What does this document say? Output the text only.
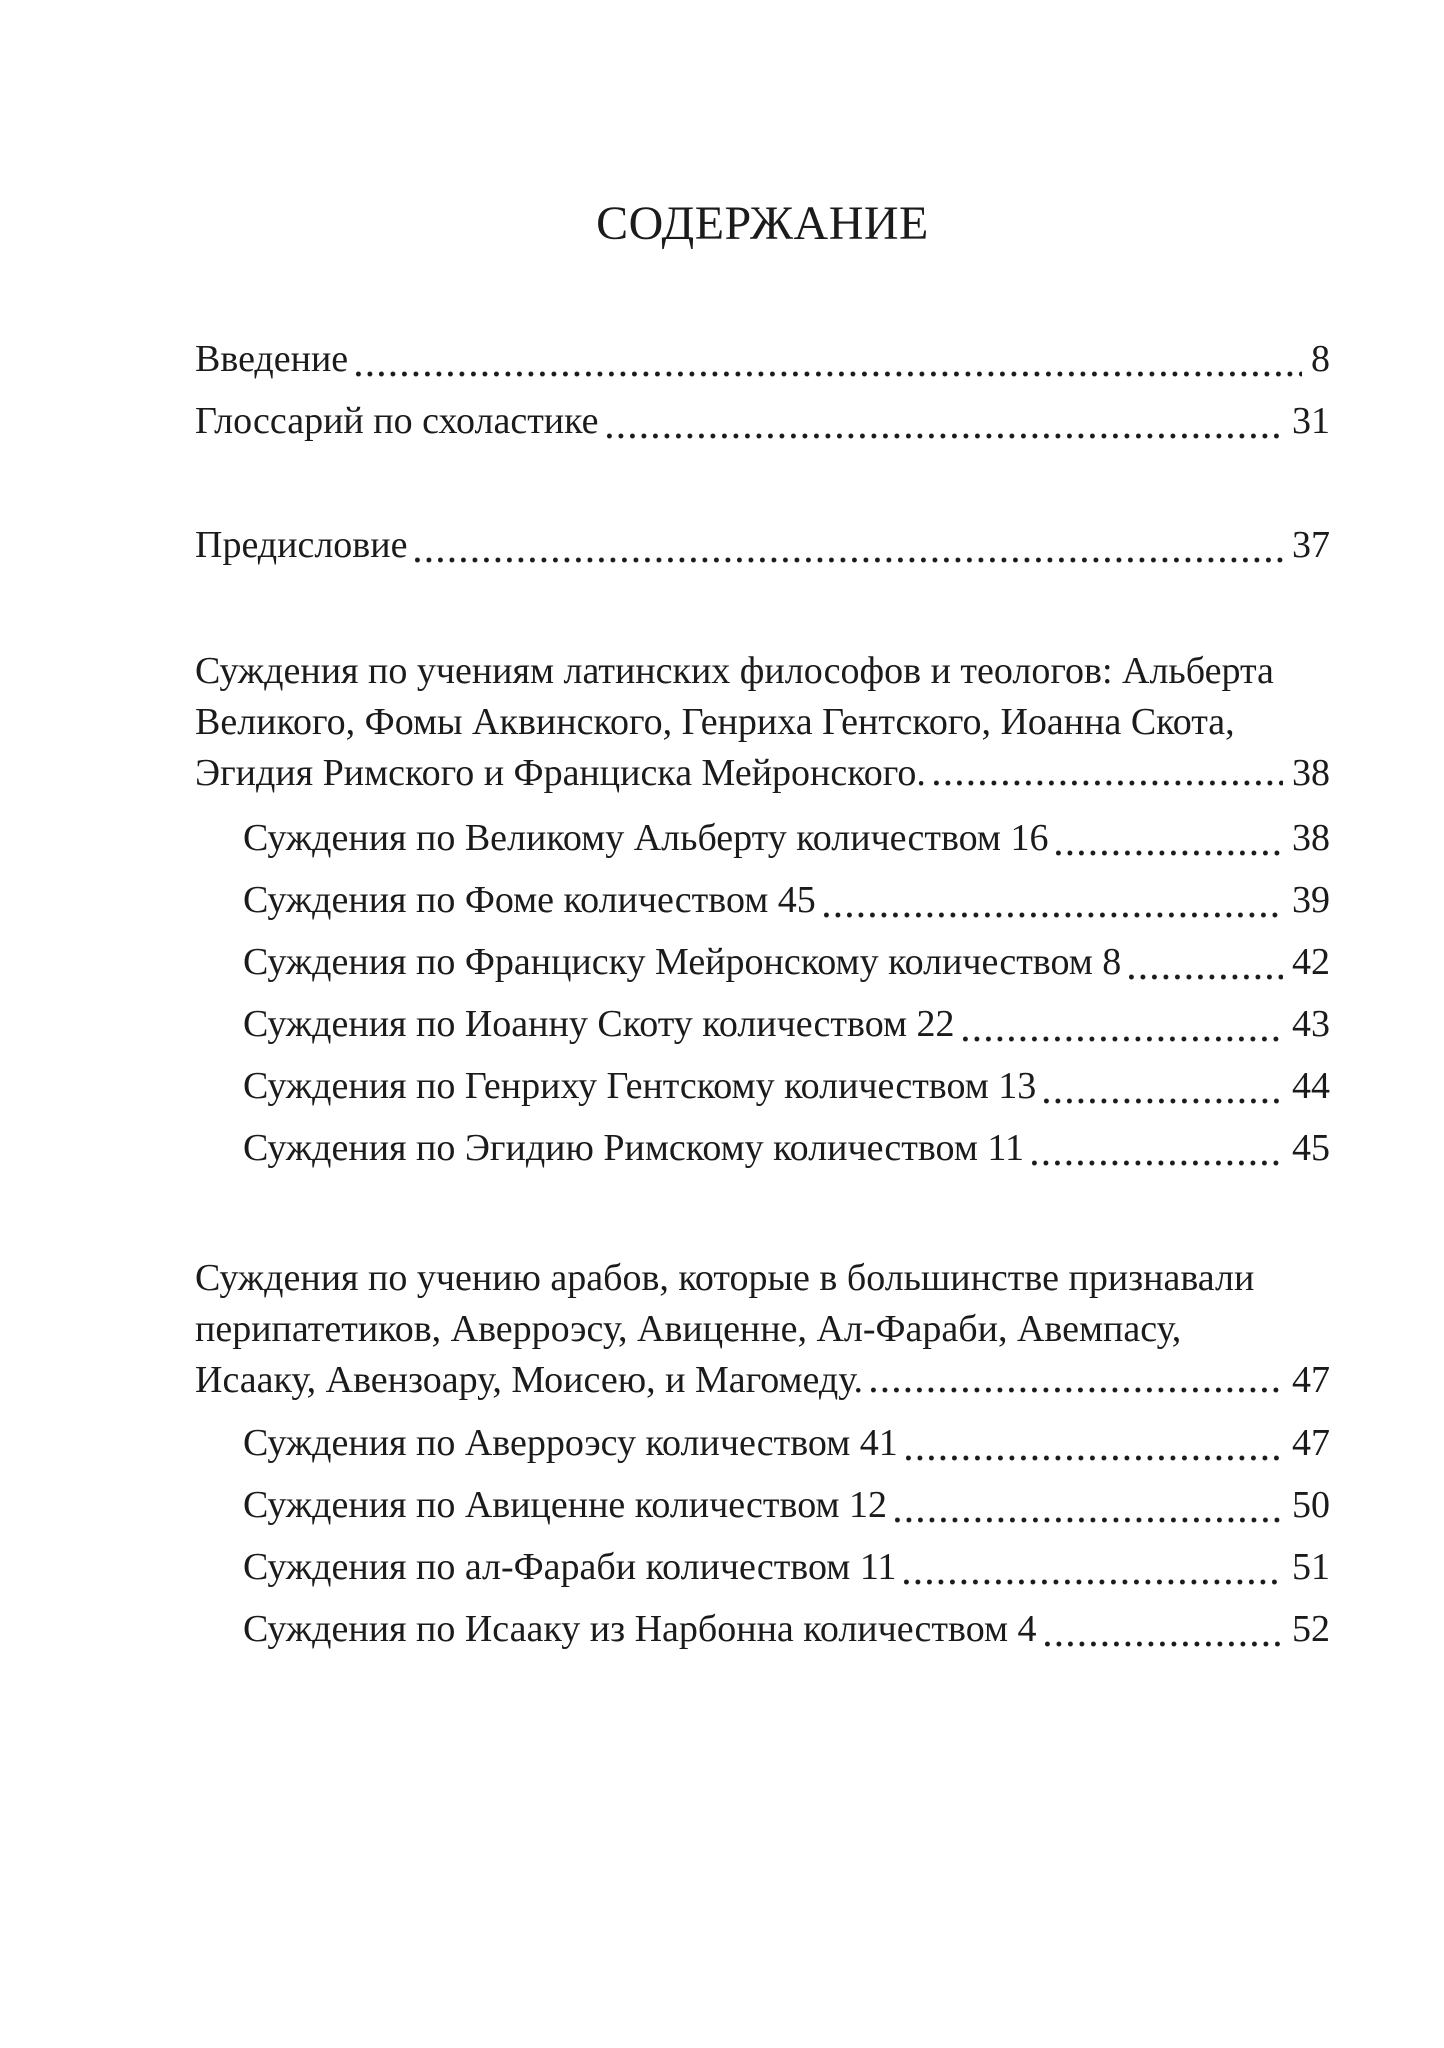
СОДЕРЖАНИЕ
Введение	8
Глоссарий по схоластике	31
Предисловие	37
Суждения по учениям латинских философов и теологов: Альберта
Великого, Фомы Аквинского, Генриха Гентского, Иоанна Скота,
Эгидия Римского и Франциска Мейронского.	38
Суждения по Великому Альберту количеством 16	38
Суждения по Фоме количеством 45	39
Суждения по Франциску Мейронскому количеством 8	42
Суждения по Иоанну Скоту количеством 22	43
Суждения по Генриху Гентскому количеством 13	44
Суждения по Эгидию Римскому количеством 11	45
Суждения по учению арабов, которые в большинстве признавали
перипатетиков, Аверроэсу, Авиценне, Ал-Фараби, Авемпасу,
Исааку, Авензоару, Моисею, и Магомеду.	47
Суждения по Аверроэсу количеством 41	47
Суждения по Авиценне количеством 12	50
Суждения по ал-Фараби количеством 11	51
Суждения по Исааку из Нарбонна количеством 4	52
